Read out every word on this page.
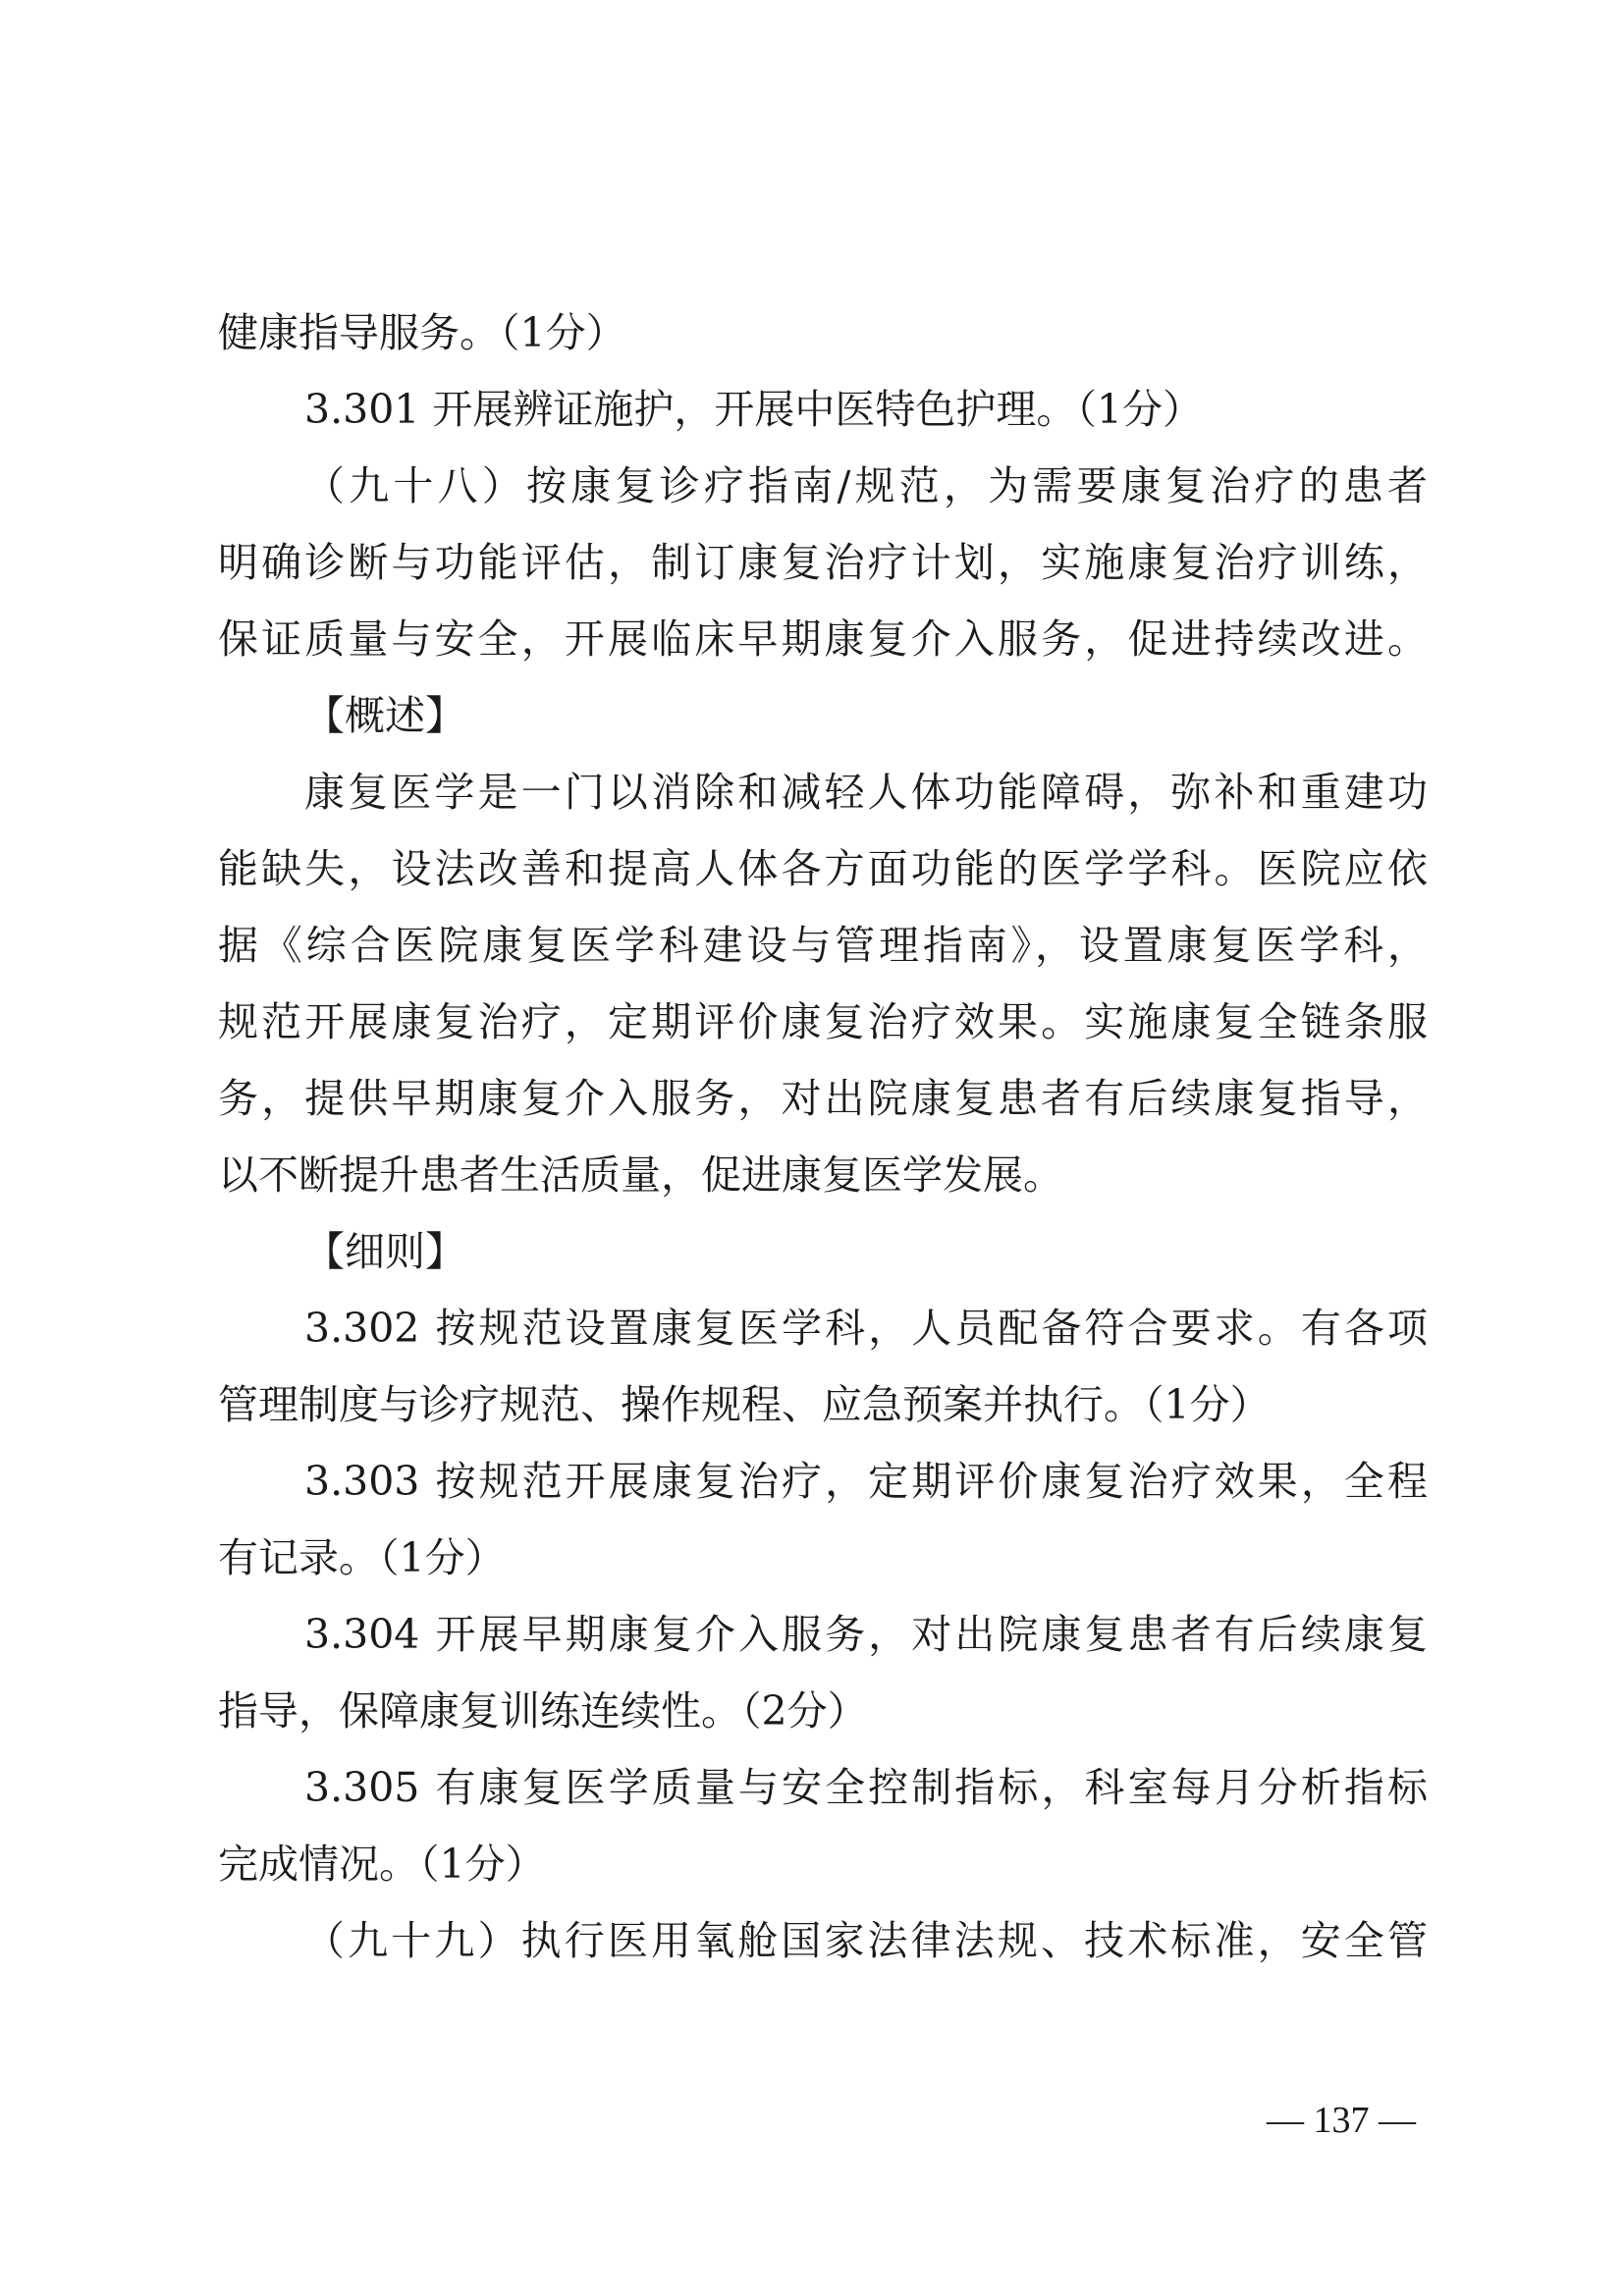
健康指导服务。（1分）
3.301 开展辨证施护，开展中医特色护理。（1分）
（九十八）按康复诊疗指南/规范，为需要康复治疗的患者
明确诊断与功能评估，制订康复治疗计划，实施康复治疗训练，
保证质量与安全，开展临床早期康复介入服务，促进持续改进。
【概述】
康复医学是一门以消除和减轻人体功能障碍，弥补和重建功
能缺失，设法改善和提高人体各方面功能的医学学科。医院应依
据《综合医院康复医学科建设与管理指南》，设置康复医学科，
规范开展康复治疗，定期评价康复治疗效果。实施康复全链条服
务，提供早期康复介入服务，对出院康复患者有后续康复指导，
以不断提升患者生活质量，促进康复医学发展。
【细则】
3.302 按规范设置康复医学科，人员配备符合要求。有各项
管理制度与诊疗规范、操作规程、应急预案并执行。（1分）
3.303 按规范开展康复治疗，定期评价康复治疗效果，全程
有记录。（1分）
3.304 开展早期康复介入服务，对出院康复患者有后续康复
指导，保障康复训练连续性。（2分）
3.305 有康复医学质量与安全控制指标，科室每月分析指标
完成情况。（1分）
（九十九）执行医用氧舱国家法律法规、技术标准，安全管
— 137 —
